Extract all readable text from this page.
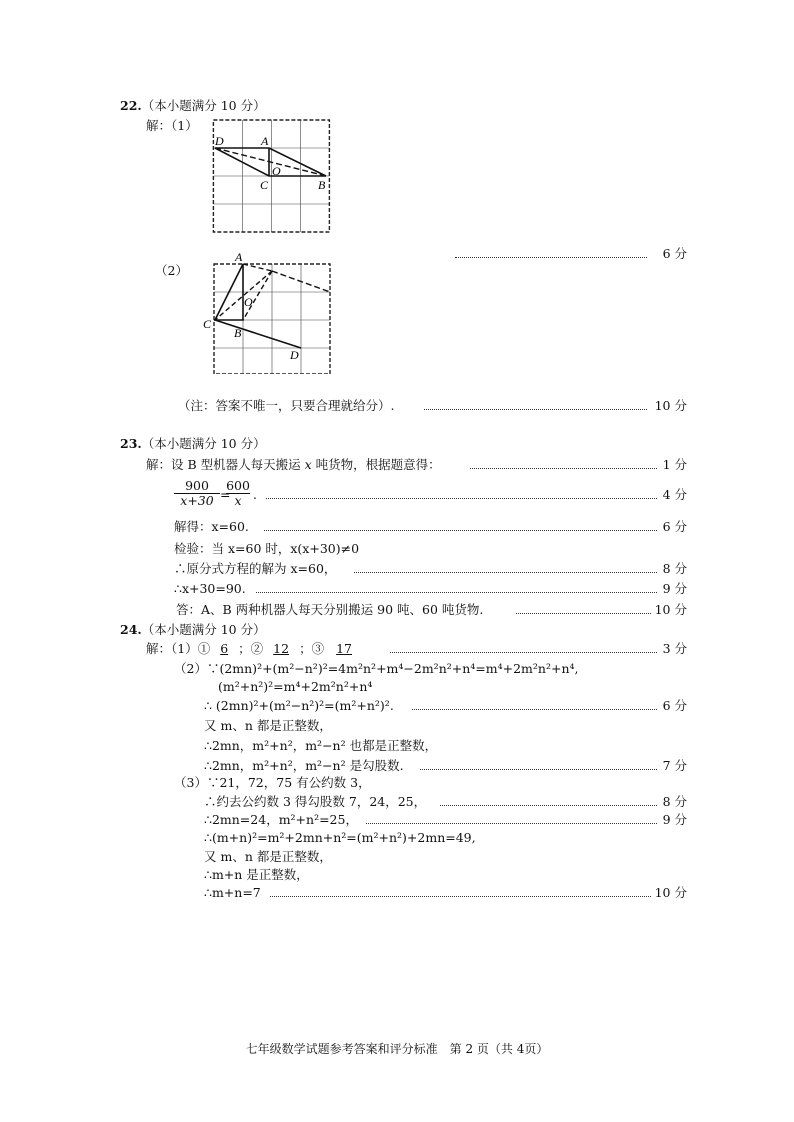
22.（本小题满分 10 分）
解：（1）
D	A
O
C	B
6 分
（2）
A
O
C
B
D
（注：答案不唯一，只要合理就给分）.	10 分
23.（本小题满分 10 分）
解：设 B 型机器人每天搬运 x 吨货物，根据题意得：	1 分
$\frac{900}{x+30}$ =
$\frac{600}{x}$ .	4 分
解得：x=60.	6 分
检验：当 x=60 时，x(x+30)≠0
∴原分式方程的解为 x=60，	8 分
∴x+30=90.	9 分
答：A、B 两种机器人每天分别搬运 90 吨、60 吨货物.	10 分
24.（本小题满分 10 分）
解：（1）① 6 ；② 12 ；③ 17	3 分
（2）∵(2mn)²+(m²−n²)²=4m²n²+m⁴−2m²n²+n⁴=m⁴+2m²n²+n⁴,
(m²+n²)²=m⁴+2m²n²+n⁴
∴ (2mn)²+(m²−n²)²=(m²+n²)².	6 分
又 m、n 都是正整数，
∴2mn，m²+n²，m²−n² 也都是正整数，
∴2mn，m²+n²，m²−n² 是勾股数.	7 分
（3）∵21，72，75 有公约数 3，
∴约去公约数 3 得勾股数 7，24，25，	8 分
∴2mn=24，m²+n²=25，	9 分
∴(m+n)²=m²+2mn+n²=(m²+n²)+2mn=49,
又 m、n 都是正整数，
∴m+n 是正整数，
∴m+n=7	10 分
七年级数学试题参考答案和评分标准　第 2 页（共 4页）
